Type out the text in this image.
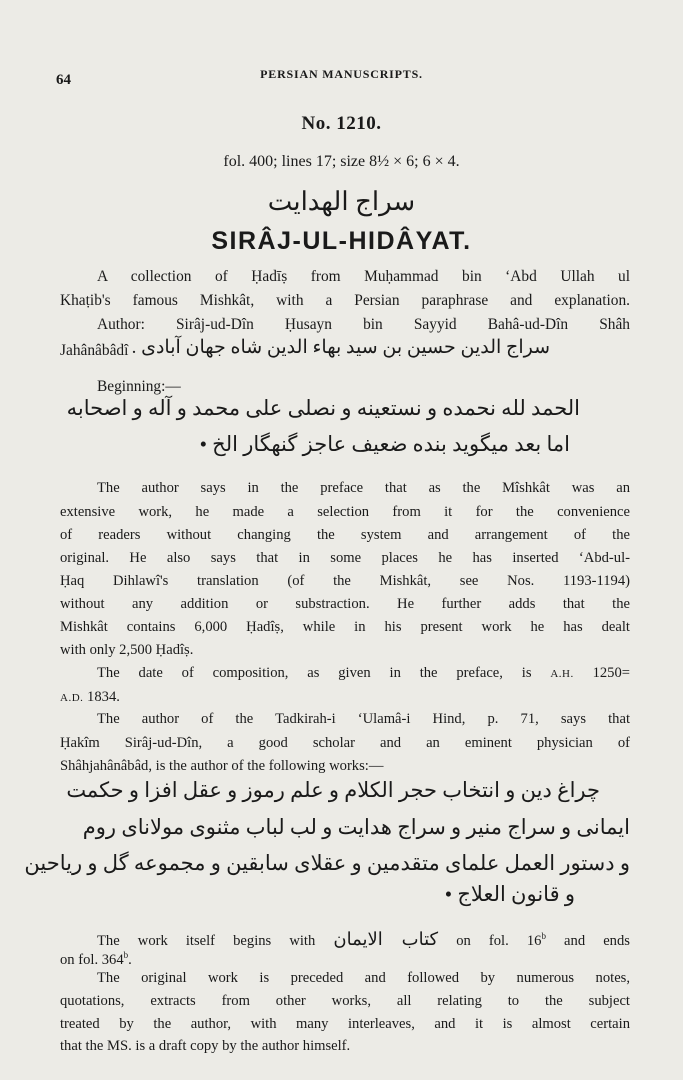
64	PERSIAN MANUSCRIPTS.
No. 1210.
fol. 400; lines 17; size 8½ × 6; 6 × 4.
سراج الهدایت
SIRÂJ-UL-HIDÂYAT.
A collection of Ḥadīṣ from Muḥammad bin ‘Abd Ullah ul
Khaṭib's famous Mishkât, with a Persian paraphrase and explanation.
Author: Sirâj-ud-Dîn Ḥusayn bin Sayyid Bahâ-ud-Dîn Shâh
Jahânâbâdî سراج الدین حسین بن سید بهاء الدین شاه جهان آبادی .
Beginning:—
الحمد لله نحمده و نستعینه و نصلی علی محمد و آله و اصحابه
اما بعد میگوید بنده ضعیف عاجز گنهگار الخ •
The author says in the preface that as the Mîshkât was an
extensive work, he made a selection from it for the convenience
of readers without changing the system and arrangement of the
original. He also says that in some places he has inserted ‘Abd-ul-
Ḥaq Dihlawî's translation (of the Mishkât, see Nos. 1193-1194)
without any addition or substraction. He further adds that the
Mishkât contains 6,000 Ḥadîṣ, while in his present work he has dealt
with only 2,500 Ḥadîṣ.
The date of composition, as given in the preface, is A.H. 1250=
A.D. 1834.
The author of the Tadkirah-i ‘Ulamâ-i Hind, p. 71, says that
Ḥakîm Sirâj-ud-Dîn, a good scholar and an eminent physician of
Shâhjahânâbâd, is the author of the following works:—
چراغ دین و انتخاب حجر الکلام و علم رموز و عقل افزا و حکمت
ایمانی و سراج منیر و سراج هدایت و لب لباب مثنوی مولانای روم
و دستور العمل علمای متقدمین و عقلای سابقین و مجموعه گل و ریاحین
و قانون العلاج •
The work itself begins with کتاب الایمان on fol. 16$^b$ and ends
on fol. 364$^b$.
The original work is preceded and followed by numerous notes,
quotations, extracts from other works, all relating to the subject
treated by the author, with many interleaves, and it is almost certain
that the MS. is a draft copy by the author himself.
